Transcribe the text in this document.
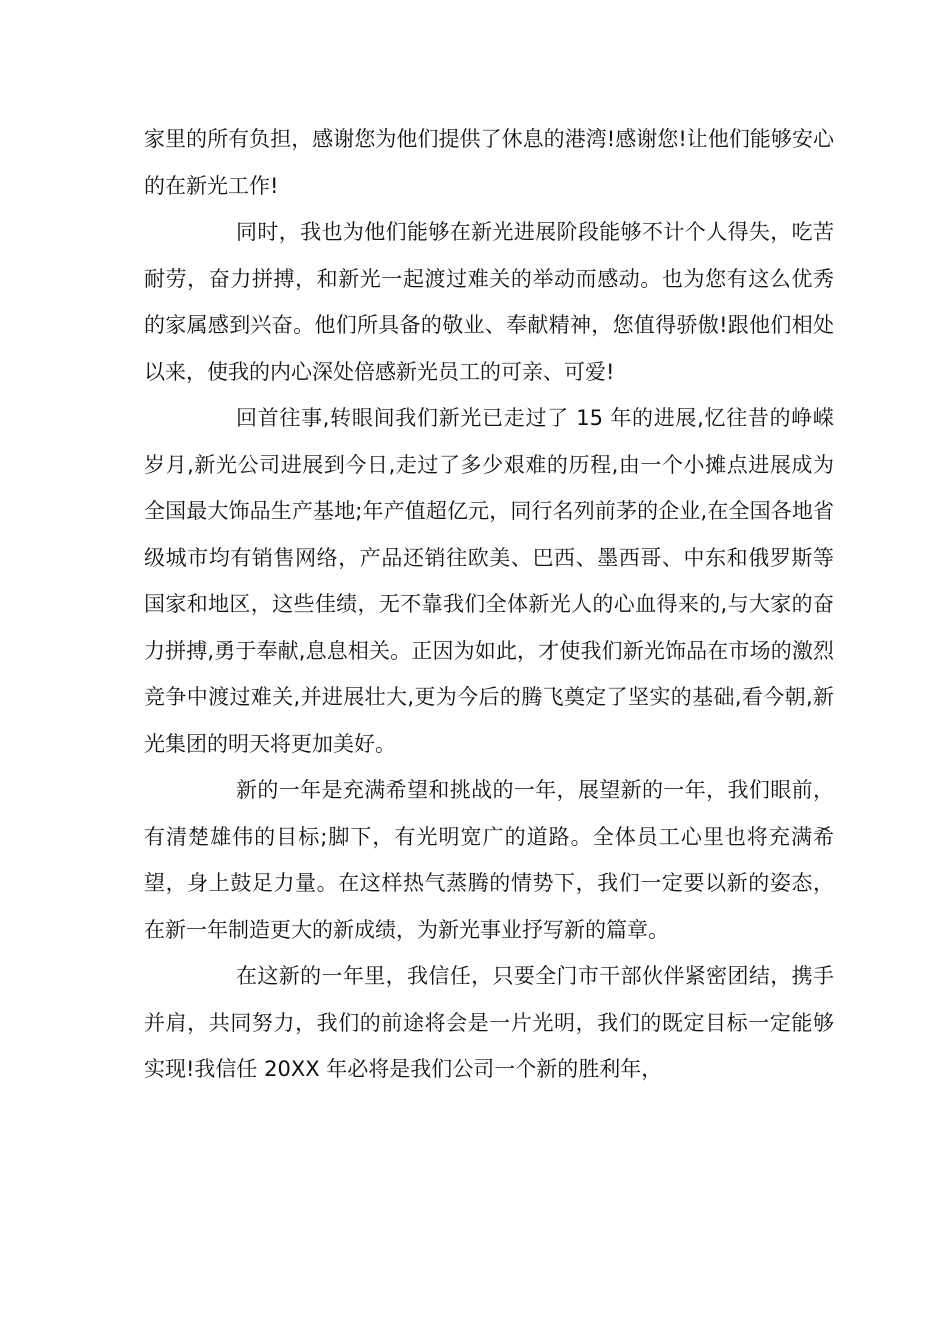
家里的所有负担，感谢您为他们提供了休息的港湾!感谢您!让他们能够安心的在新光工作!

同时，我也为他们能够在新光进展阶段能够不计个人得失，吃苦耐劳，奋力拼搏，和新光一起渡过难关的举动而感动。也为您有这么优秀的家属感到兴奋。他们所具备的敬业、奉献精神，您值得骄傲!跟他们相处以来，使我的内心深处倍感新光员工的可亲、可爱!

回首往事,转眼间我们新光已走过了 15 年的进展,忆往昔的峥嵘岁月,新光公司进展到今日,走过了多少艰难的历程,由一个小摊点进展成为全国最大饰品生产基地;年产值超亿元，同行名列前茅的企业,在全国各地省级城市均有销售网络，产品还销往欧美、巴西、墨西哥、中东和俄罗斯等国家和地区，这些佳绩，无不靠我们全体新光人的心血得来的,与大家的奋力拼搏,勇于奉献,息息相关。正因为如此，才使我们新光饰品在市场的激烈竞争中渡过难关,并进展壮大,更为今后的腾飞奠定了坚实的基础,看今朝,新光集团的明天将更加美好。

新的一年是充满希望和挑战的一年，展望新的一年，我们眼前，有清楚雄伟的目标;脚下，有光明宽广的道路。全体员工心里也将充满希望，身上鼓足力量。在这样热气蒸腾的情势下，我们一定要以新的姿态，在新一年制造更大的新成绩，为新光事业抒写新的篇章。

在这新的一年里，我信任，只要全门市干部伙伴紧密团结，携手并肩，共同努力，我们的前途将会是一片光明，我们的既定目标一定能够实现!我信任 20XX 年必将是我们公司一个新的胜利年，
